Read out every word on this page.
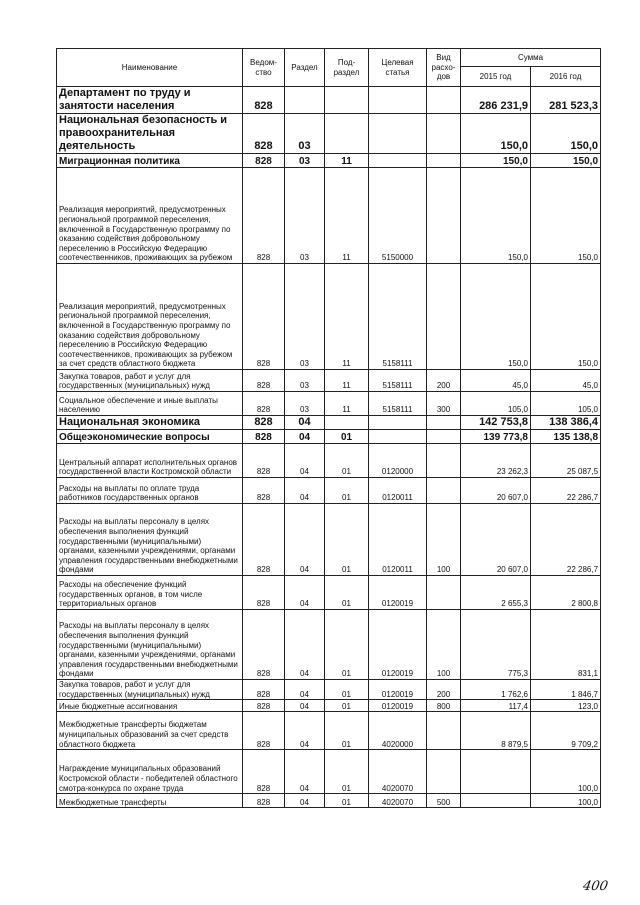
Наименование	Ведом-ство	Раздел	Под-раздел	Целевая статья	Вид расхо-дов	Сумма	
						2015 год	2016 год
Департамент по труду и занятости населения	828					286 231,9	281 523,3
Национальная безопасность и правоохранительная деятельность	828	03				150,0	150,0
Миграционная политика	828	03	11			150,0	150,0
Реализация мероприятий, предусмотренных региональной программой переселения, включенной в Государственную программу по оказанию содействия добровольному переселению в Российскую Федерацию соотечественников, проживающих за рубежом	828	03	11	5150000		150,0	150,0
Реализация мероприятий, предусмотренных региональной программой переселения, включенной в Государственную программу по оказанию содействия добровольному переселению в Российскую Федерацию соотечественников, проживающих за рубежом за счет средств областного бюджета	828	03	11	5158111		150,0	150,0
Закупка товаров, работ и услуг для государственных (муниципальных) нужд	828	03	11	5158111	200	45,0	45,0
Социальное обеспечение и иные выплаты населению	828	03	11	5158111	300	105,0	105,0
Национальная экономика	828	04				142 753,8	138 386,4
Общеэкономические вопросы	828	04	01			139 773,8	135 138,8
Центральный аппарат исполнительных органов государственной власти Костромской области	828	04	01	0120000		23 262,3	25 087,5
Расходы на выплаты по оплате труда работников государственных органов	828	04	01	0120011		20 607,0	22 286,7
Расходы на выплаты персоналу в целях обеспечения выполнения функций государственными (муниципальными) органами, казенными учреждениями, органами управления государственными внебюджетными фондами	828	04	01	0120011	100	20 607,0	22 286,7
Расходы на обеспечение функций государственных органов, в том числе территориальных органов	828	04	01	0120019		2 655,3	2 800,8
Расходы на выплаты персоналу в целях обеспечения выполнения функций государственными (муниципальными) органами, казенными учреждениями, органами управления государственными внебюджетными фондами	828	04	01	0120019	100	775,3	831,1
Закупка товаров, работ и услуг для государственных (муниципальных) нужд	828	04	01	0120019	200	1 762,6	1 846,7
Иные бюджетные ассигнования	828	04	01	0120019	800	117,4	123,0
Межбюджетные трансферты бюджетам муниципальных образований за счет средств областного бюджета	828	04	01	4020000		8 879,5	9 709,2
Награждение муниципальных образований Костромской области - победителей областного смотра-конкурса по охране труда	828	04	01	4020070			100,0
Межбюджетные трансферты	828	04	01	4020070	500		100,0
400
